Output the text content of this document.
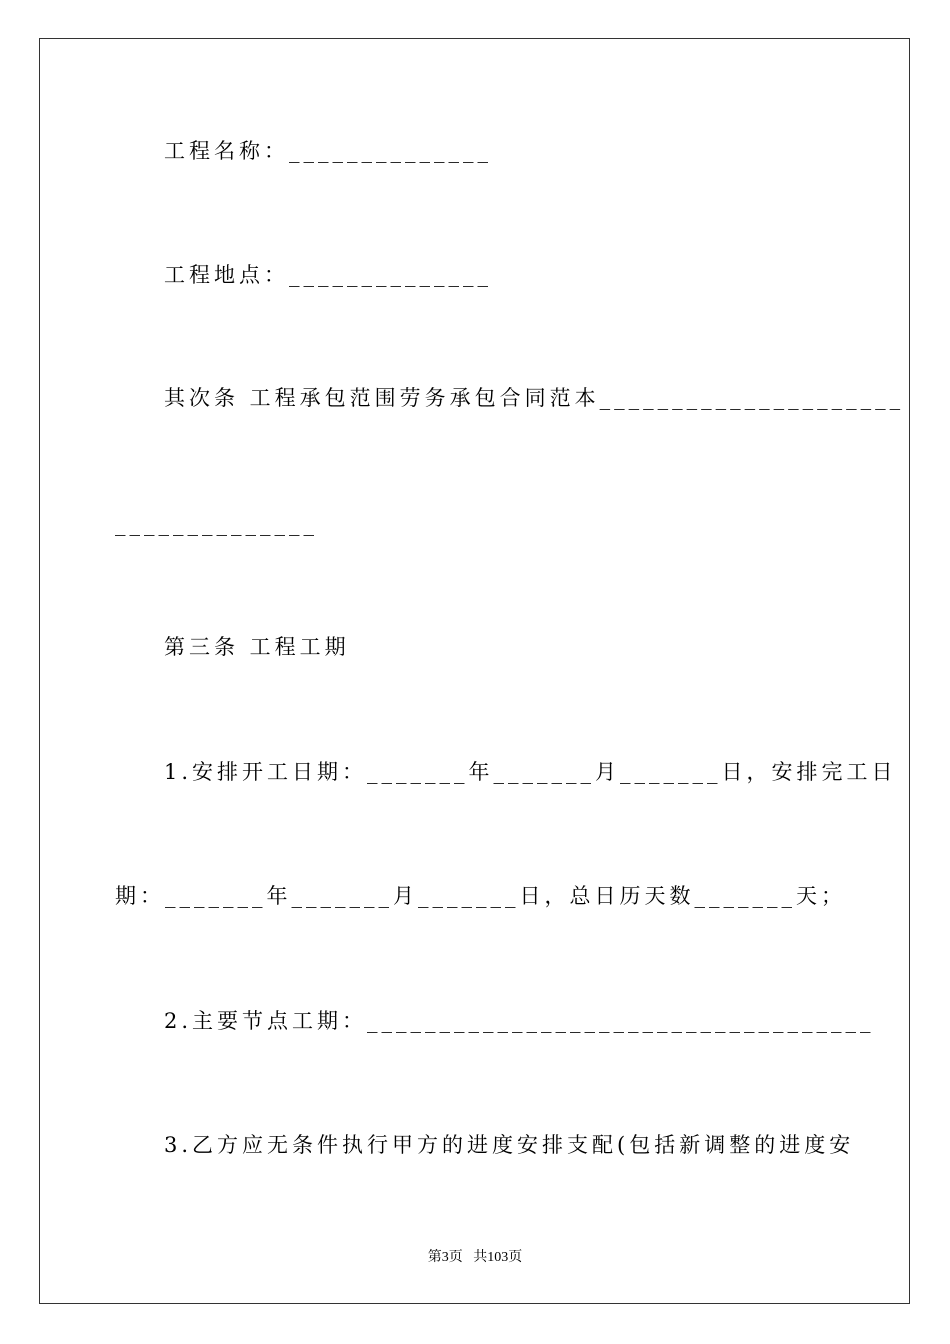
工程名称：______________
工程地点：______________
其次条 工程承包范围劳务承包合同范本_____________________
______________
第三条 工程工期
1.安排开工日期：_______年_______月_______日，安排完工日
期：_______年_______月_______日，总日历天数_______天；
2.主要节点工期：___________________________________
3.乙方应无条件执行甲方的进度安排支配(包括新调整的进度安
第3页   共103页
